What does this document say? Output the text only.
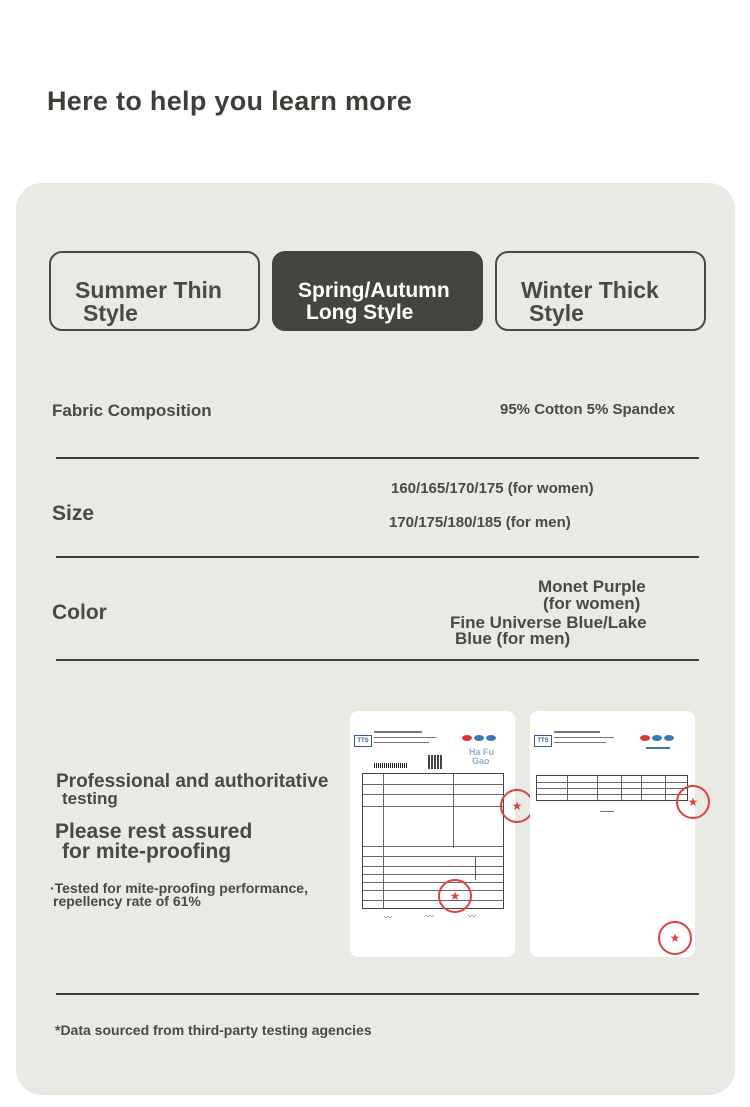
Here to help you learn more
Summer Thin
Style
Spring/Autumn
Long Style
Winter Thick
Style
Fabric Composition	95% Cotton 5% Spandex
Size
160/165/170/175 (for women)
170/175/180/185 (for men)
Color
Monet Purple
(for women)
Fine Universe Blue/Lake
Blue (for men)
Professional and authoritative
testing
Please rest assured
for mite-proofing
·Tested for mite-proofing performance,
repellency rate of 61%
TTS
Ha Fu
Gao
★
★
〰	〰	〰
TTS
★
★
*Data sourced from third-party testing agencies
